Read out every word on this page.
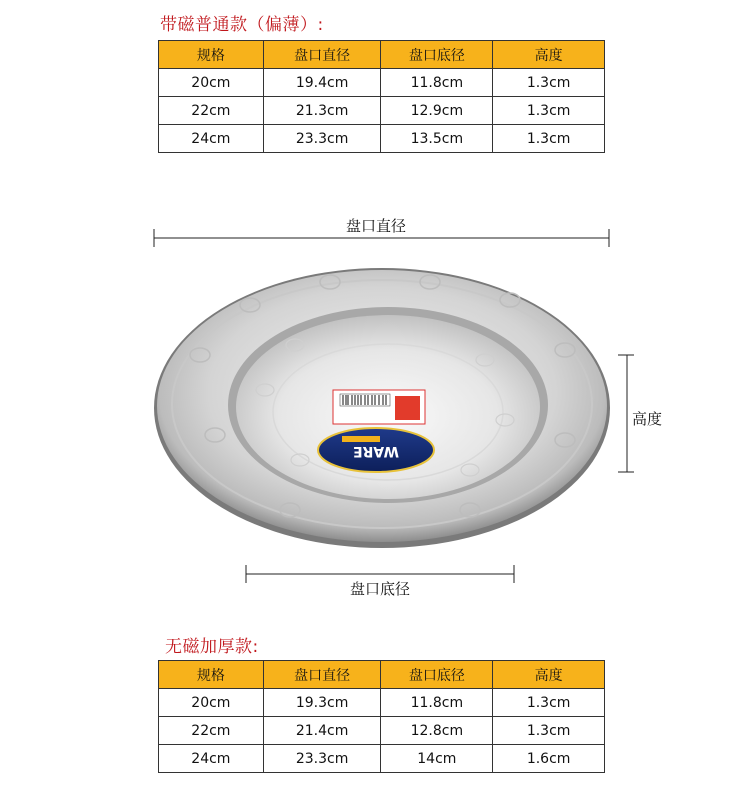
带磁普通款（偏薄）:
规格	盘口直径	盘口底径	高度
20cm	19.4cm	11.8cm	1.3cm
22cm	21.3cm	12.9cm	1.3cm
24cm	23.3cm	13.5cm	1.3cm
WARE
盘口直径
高度
盘口底径
无磁加厚款:
规格	盘口直径	盘口底径	高度
20cm	19.3cm	11.8cm	1.3cm
22cm	21.4cm	12.8cm	1.3cm
24cm	23.3cm	14cm	1.6cm
